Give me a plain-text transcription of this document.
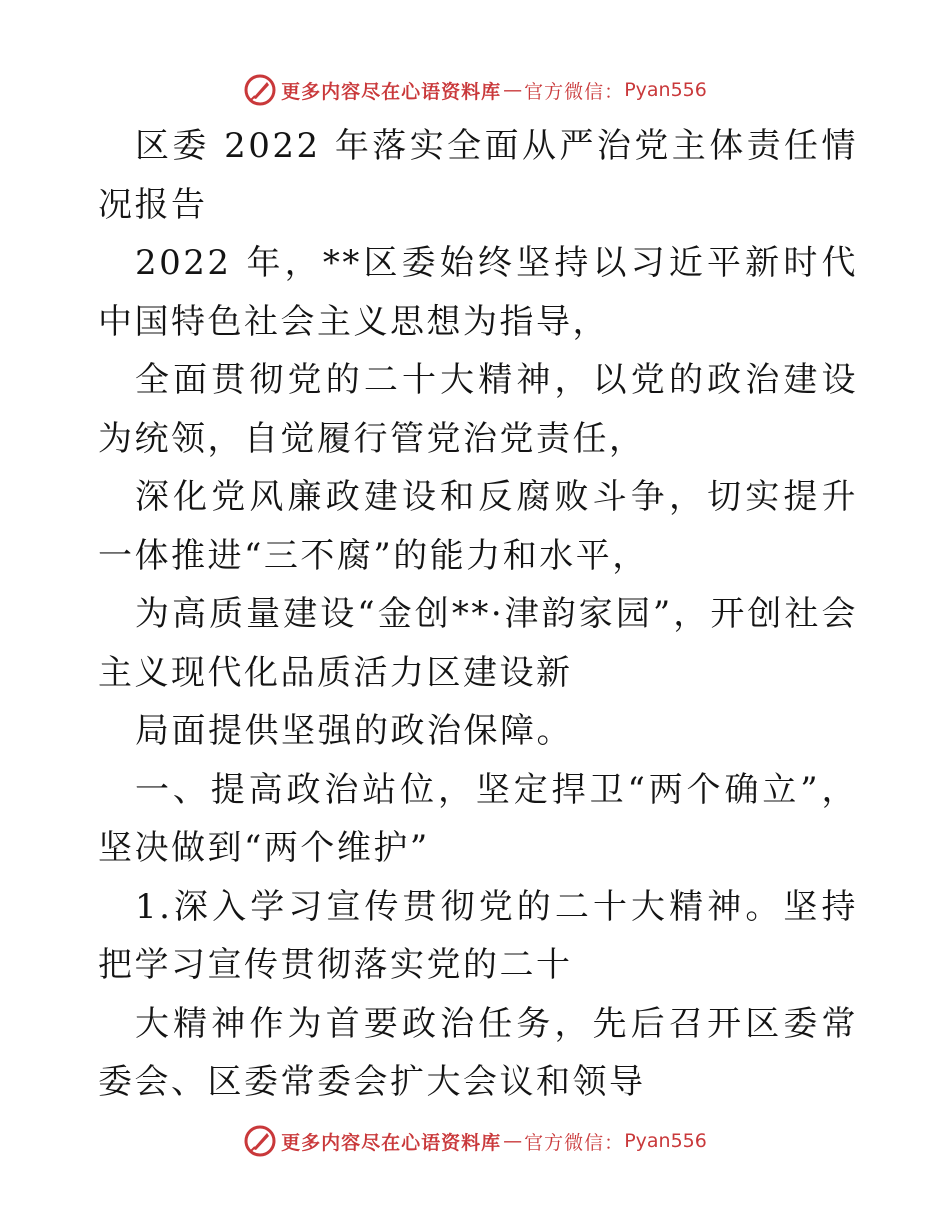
更多内容尽在心语资料库 — 官方微信： Pyan556

区委 2022 年落实全面从严治党主体责任情况报告

2022 年，**区委始终坚持以习近平新时代中国特色社会主义思想为指导，

全面贯彻党的二十大精神，以党的政治建设为统领，自觉履行管党治党责任，

深化党风廉政建设和反腐败斗争，切实提升一体推进“三不腐”的能力和水平，

为高质量建设“金创**·津韵家园”，开创社会主义现代化品质活力区建设新

局面提供坚强的政治保障。

一、提高政治站位，坚定捍卫“两个确立”，坚决做到“两个维护”

1.深入学习宣传贯彻党的二十大精神。坚持把学习宣传贯彻落实党的二十

大精神作为首要政治任务，先后召开区委常委会、区委常委会扩大会议和领导

更多内容尽在心语资料库 — 官方微信： Pyan556
